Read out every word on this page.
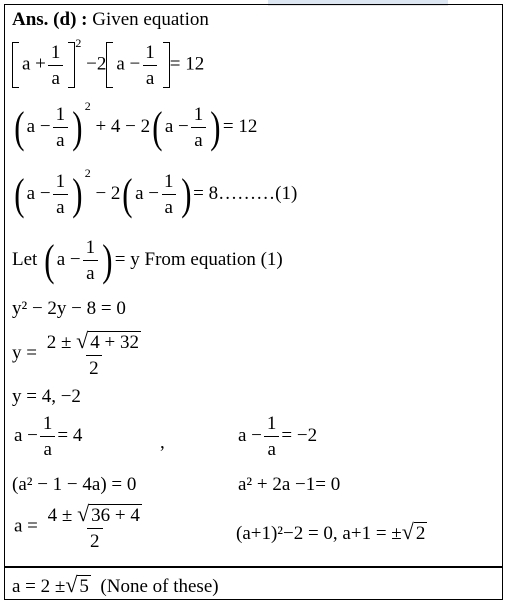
Ans. (d) : Given equation
$a + \frac{1}{a} ^2 -2$ $a - \frac{1}{a} = 12$
( $a - \frac{1}{a}$ ) $^2$ + 4 − 2( $a - \frac{1}{a}$ ) = 12
( $a - \frac{1}{a}$ ) $^2$ − 2( $a - \frac{1}{a}$ ) = 8………(1)
Let ( $a - \frac{1}{a}$ ) = y From equation (1)
y² − 2y − 8 = 0
$y = \frac{2 \pm √ 4 + 32}{2}$
y = 4, −2
$a - \frac{1}{a} = 4$	,	$a - \frac{1}{a} = -2$
(a² − 1 − 4a) = 0	a² + 2a −1= 0
$a = \frac{4 \pm √ 36 + 4}{2}$	(a+1)²−2 = 0, a+1 = ±√ 2
a = 2 ±√ 5 (None of these)
